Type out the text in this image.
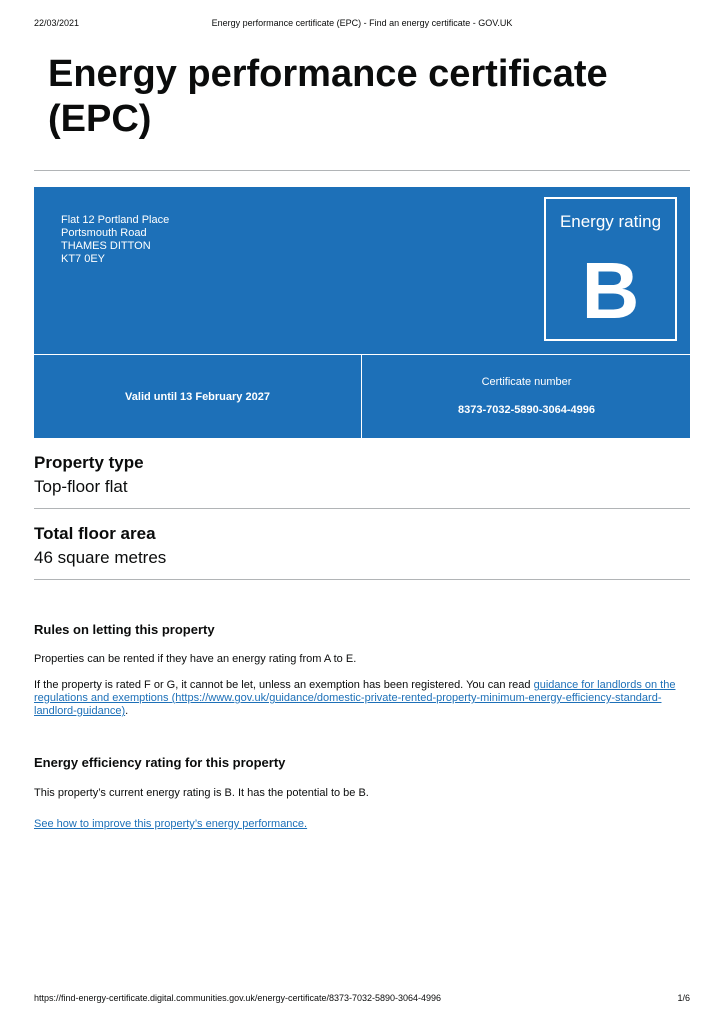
22/03/2021	Energy performance certificate (EPC) - Find an energy certificate - GOV.UK
Energy performance certificate (EPC)
Flat 12 Portland Place
Portsmouth Road
THAMES DITTON
KT7 0EY
Energy rating
B
Valid until 13 February 2027
Certificate number
8373-7032-5890-3064-4996
Property type
Top-floor flat
Total floor area
46 square metres
Rules on letting this property
Properties can be rented if they have an energy rating from A to E.
If the property is rated F or G, it cannot be let, unless an exemption has been registered. You can read guidance for landlords on the regulations and exemptions (https://www.gov.uk/guidance/domestic-private-rented-property-minimum-energy-efficiency-standard-landlord-guidance).
Energy efficiency rating for this property
This property’s current energy rating is B. It has the potential to be B.
See how to improve this property’s energy performance.
https://find-energy-certificate.digital.communities.gov.uk/energy-certificate/8373-7032-5890-3064-4996	1/6
